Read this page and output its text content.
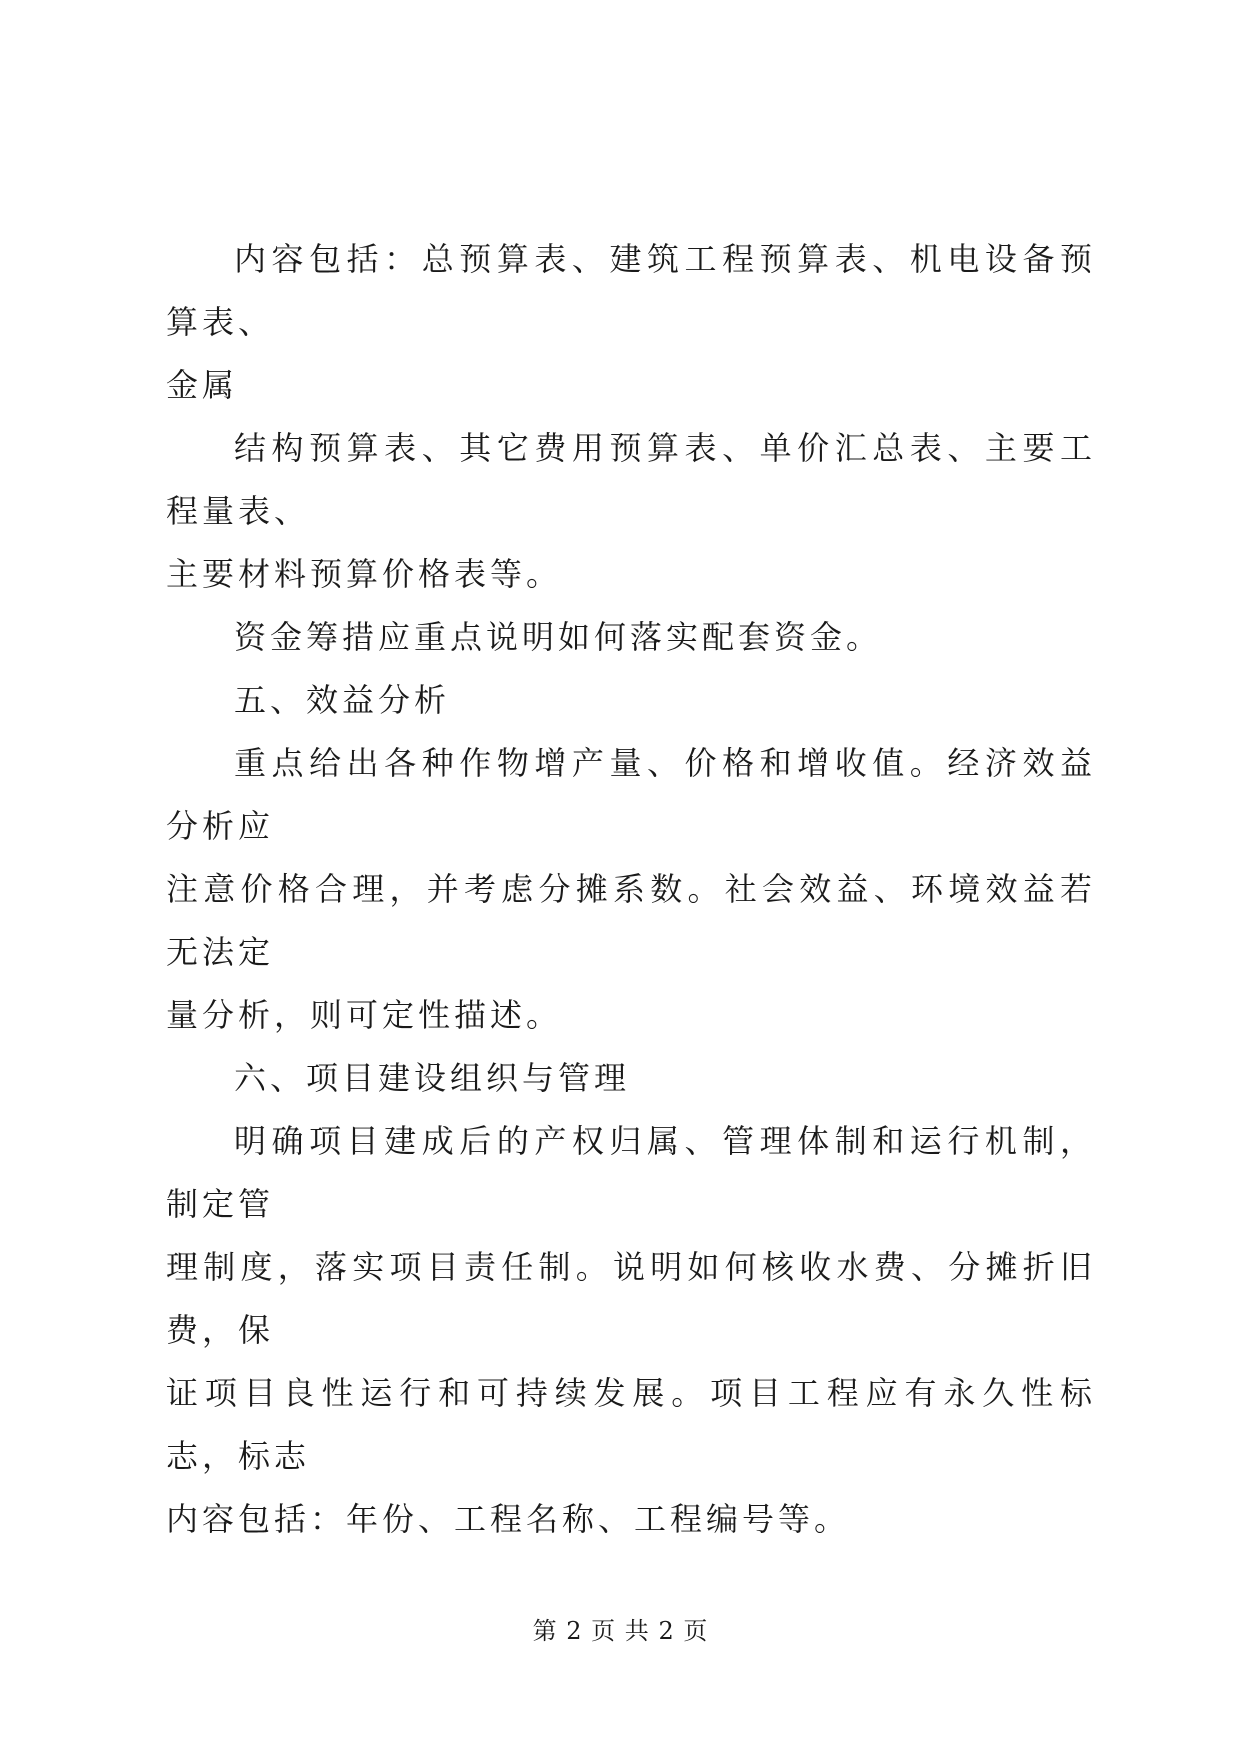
内容包括：总预算表、建筑工程预算表、机电设备预算表、
金属

结构预算表、其它费用预算表、单价汇总表、主要工程量表、
主要材料预算价格表等。

资金筹措应重点说明如何落实配套资金。

五、效益分析

重点给出各种作物增产量、价格和增收值。经济效益分析应
注意价格合理，并考虑分摊系数。社会效益、环境效益若无法定
量分析，则可定性描述。

六、项目建设组织与管理

明确项目建成后的产权归属、管理体制和运行机制，制定管
理制度，落实项目责任制。说明如何核收水费、分摊折旧费，保
证项目良性运行和可持续发展。项目工程应有永久性标志，标志
内容包括：年份、工程名称、工程编号等。

第 2 页 共 2 页
